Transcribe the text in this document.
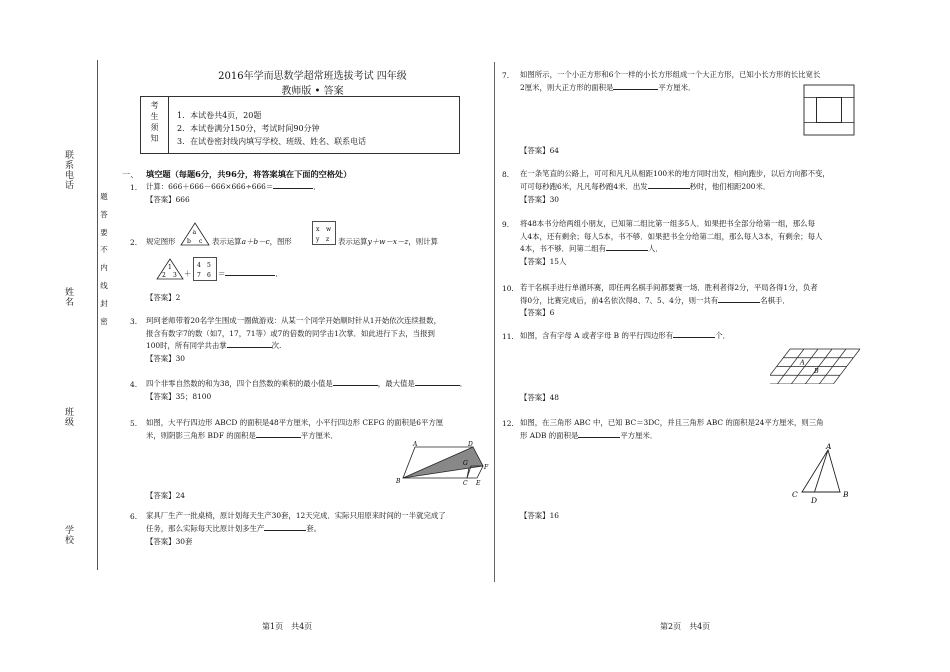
联系电话
姓名
班级
学校
题
答
要
不
内
线
封
密
2016年学而思数学超常班选拔考试 四年级
教师版 • 答案
考
生
须
知
1．本试卷共4页，20题
2．本试卷满分150分，考试时间90分钟
3．在试卷密封线内填写学校、班级、姓名、联系电话
一、 填空题（每题6分，共96分，将答案填在下面的空格处）
1. 计算：666＋666－666×666÷666＝	．
【答案】666
2. 规定图形
a
b c 表示运算a＋b－c，图形
x w
y z 表示运算y＋w－x－z，则计算
1
2 3 ＋
4 5
7 6 ＝	．
【答案】2
3. 珂珂老师带着20名学生围成一圈做游戏：从某一个同学开始顺时针从1开始依次连续报数，
报含有数字7的数（如7，17，71等）或7的倍数的同学击1次掌．如此进行下去，当报到
100时，所有同学共击掌	次.
【答案】30
4. 四个非零自然数的和为38，四个自然数的乘积的最小值是	，最大值是	．
【答案】35；8100
5. 如图，大平行四边形 ABCD 的面积是48平方厘米，小平行四边形 CEFG 的面积是6平方厘
米，则阴影三角形 BDF 的面积是	平方厘米．
A	D
G
F
B	C E
【答案】24
6. 家具厂生产一批桌椅，原计划每天生产30套，12天完成．实际只用原来时间的一半就完成了
任务，那么实际每天比原计划多生产	套。
【答案】30套
7. 如图所示，一个小正方形和6个一样的小长方形组成一个大正方形，已知小长方形的长比宽长
2厘米，则大正方形的面积是	平方厘米．
【答案】64
8. 在一条笔直的公路上，可可和凡凡从相距100米的地方同时出发，相向跑步，以后方向都不变，
可可每秒跑6米，凡凡每秒跑4米．出发	秒时，他们相距200米．
【答案】30
9. 将48本书分给两组小朋友，已知第二组比第一组多5人．如果把书全部分给第一组，那么每
人4本，还有剩余；每人5本，书不够．如果把书全分给第二组，那么每人3本，有剩余；每人
4本，书不够．问第二组有	人．
【答案】15人
10. 若干名棋手进行单循环赛，即任两名棋手间都要赛一场．胜利者得2分，平局各得1分，负者
得0分，比赛完成后，前4名依次得8、7、5、4分，则一共有	名棋手．
【答案】6
11. 如图，含有字母 A 或者字母 B 的平行四边形有	个．
A
B
【答案】48
12. 如图，在三角形 ABC 中，已知 BC＝3DC，并且三角形 ABC 的面积是24平方厘米，则三角
形 ADB 的面积是	平方厘米．
A
C
D
B
【答案】16
第1页　共4页	第2页　共4页
